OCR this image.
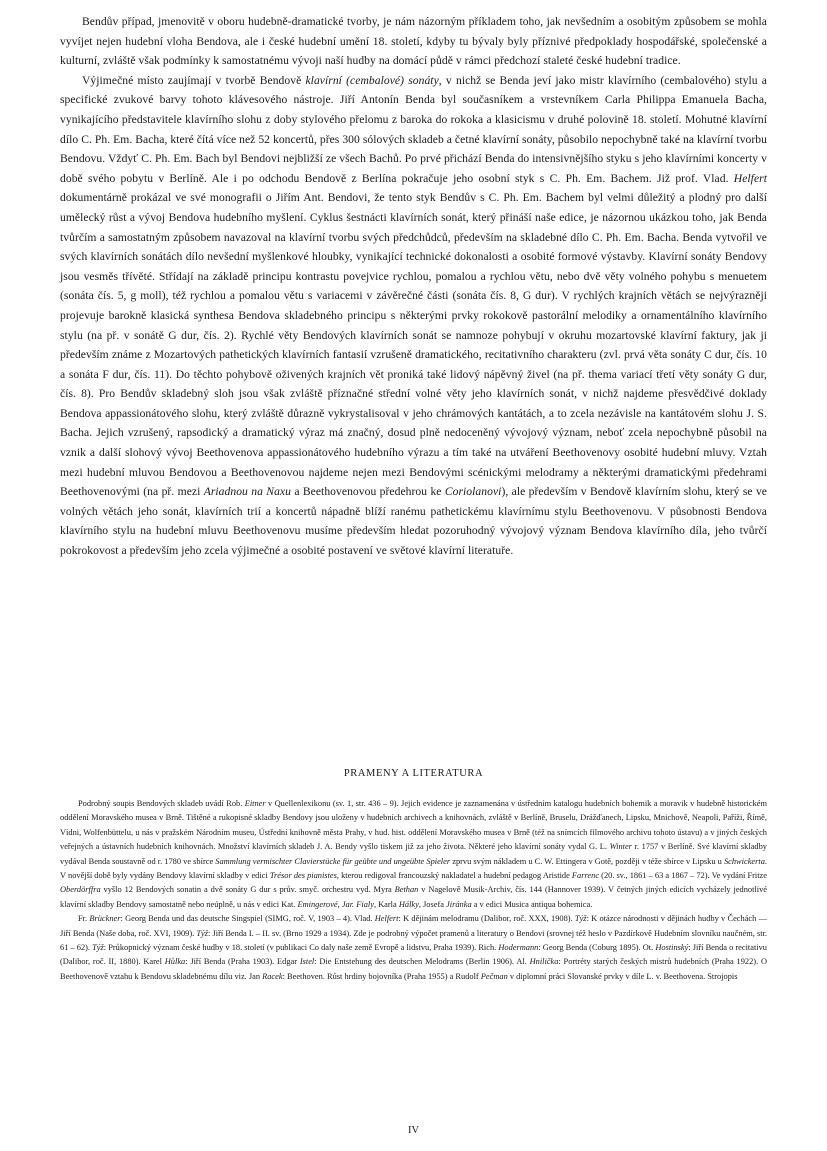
Bendův případ, jmenovitě v oboru hudebně-dramatické tvorby, je nám názorným příkladem toho, jak nevšedním a osobitým způsobem se mohla vyvíjet nejen hudební vloha Bendova, ale i české hudební umění 18. století, kdyby tu bývaly byly příznivé předpoklady hospodářské, společenské a kulturní, zvláště však podmínky k samostatnému vývoji naší hudby na domácí půdě v rámci předchozí staleté české hudební tradice.

Výjimečné místo zaujímají v tvorbě Bendově klavírní (cembalové) sonáty, v nichž se Benda jeví jako mistr klavírního (cembalového) stylu a specifické zvukové barvy tohoto klávesového nástroje. Jiří Antonín Benda byl současníkem a vrstevníkem Carla Philippa Emanuela Bacha, vynikajícího představitele klavírního slohu z doby stylového přelomu z baroka do rokoka a klasicismu v druhé polovině 18. století. Mohutné klavírní dílo C. Ph. Em. Bacha, které čítá více než 52 koncertů, přes 300 sólových skladeb a četné klavírní sonáty, působilo nepochybně také na klavírní tvorbu Bendovu. Vždyť C. Ph. Em. Bach byl Bendovi nejbližší ze všech Bachů. Po prvé přichází Benda do intensivnějšího styku s jeho klavírními koncerty v době svého pobytu v Berlíně. Ale i po odchodu Bendově z Berlína pokračuje jeho osobní styk s C. Ph. Em. Bachem. Již prof. Vlad. Helfert dokumentárně prokázal ve své monografii o Jiřím Ant. Bendovi, že tento styk Bendův s C. Ph. Em. Bachem byl velmi důležitý a plodný pro další umělecký růst a vývoj Bendova hudebního myšlení. Cyklus šestnácti klavírních sonát, který přináší naše edice, je názornou ukázkou toho, jak Benda tvůrčím a samostatným způsobem navazoval na klavírní tvorbu svých předchůdců, především na skladebné dílo C. Ph. Em. Bacha. Benda vytvořil ve svých klavírních sonátách dílo nevšední myšlenkové hloubky, vynikající technické dokonalosti a osobité formové výstavby. Klavírní sonáty Bendovy jsou vesměs třívěté. Střídají na základě principu kontrastu povejvice rychlou, pomalou a rychlou větu, nebo dvě věty volného pohybu s menuetem (sonáta čís. 5, g moll), též rychlou a pomalou větu s variacemi v závěrečné části (sonáta čís. 8, G dur). V rychlých krajních větách se nejvýrazněji projevuje barokně klasická synthesa Bendova skladebného principu s některými prvky rokokově pastorální melodiky a ornamentálního klavírního stylu (na př. v sonátě G dur, čís. 2). Rychlé věty Bendových klavírních sonát se namnoze pohybují v okruhu mozartovské klavírní faktury, jak ji především známe z Mozartových pathetických klavírních fantasií vzrušeně dramatického, recitativního charakteru (zvl. prvá věta sonáty C dur, čís. 10 a sonáta F dur, čís. 11). Do těchto pohybově oživených krajních vět proniká také lidový nápěvný živel (na př. thema variací třetí věty sonáty G dur, čís. 8). Pro Bendův skladebný sloh jsou však zvláště příznačné střední volné věty jeho klavírních sonát, v nichž najdeme přesvědčivé doklady Bendova appassionátového slohu, který zvláště důrazně vykrystalisoval v jeho chrámových kantátách, a to zcela nezávisle na kantátovém slohu J. S. Bacha. Jejich vzrušený, rapsodický a dramatický výraz má značný, dosud plně nedoceněný vývojový význam, neboť zcela nepochybně působil na vznik a další slohový vývoj Beethovenova appassionátového hudebního výrazu a tím také na utváření Beethovenovy osobité hudební mluvy. Vztah mezi hudební mluvou Bendovou a Beethovenovou najdeme nejen mezi Bendovými scénickými melodramy a některými dramatickými předehrami Beethovenovými (na př. mezi Ariadnou na Naxu a Beethovenovou předehrou ke Coriolanovi), ale především v Bendově klavírním slohu, který se ve volných větách jeho sonát, klavírních trií a koncertů nápadně blíží ranému pathetickému klavírnímu stylu Beethovenovu. V působnosti Bendova klavírního stylu na hudební mluvu Beethovenovu musíme především hledat pozoruhodný vývojový význam Bendova klavírního díla, jeho tvůrčí pokrokovost a především jeho zcela výjimečné a osobité postavení ve světové klavírní literatuře.

PRAMENY A LITERATURA

Podrobný soupis Bendových skladeb uvádí Rob. Eitner v Quellenlexikonu (sv. 1, str. 436 – 9). Jejich evidence je zaznamenána v ústředním katalogu hudebních bohemik a moravik v hudebně historickém oddělení Moravského musea v Brně. Tištěné a rukopisné skladby Bendovy jsou uloženy v hudebních archivech a knihovnách, zvláště v Berlíně, Bruselu, Drážďanech, Lipsku, Mnichově, Neapoli, Paříži, Římě, Vídni, Wolfenbüttelu, u nás v pražském Národním museu, Ústřední knihovně města Prahy, v hud. hist. oddělení Moravského musea v Brně (též na snímcích filmového archivu tohoto ústavu) a v jiných českých veřejných a ústavních hudebních knihovnách. Množství klavírních skladeb J. A. Bendy vyšlo tiskem již za jeho života. Některé jeho klavírní sonáty vydal G. L. Winter r. 1757 v Berlíně. Své klavírní skladby vydával Benda soustavně od r. 1780 ve sbírce Sammlung vermischter Clavierstücke für geübte und ungeübte Spieler zprvu svým nákladem u C. W. Ettingera v Gotě, později v téže sbírce v Lipsku u Schwickerta. V novější době byly vydány Bendovy klavírní skladby v edici Trésor des pianistes, kterou redigoval francouzský nakladatel a hudební pedagog Aristide Farrenc (20. sv., 1861 – 63 a 1867 – 72). Ve vydání Fritze Oberdörffra vyšlo 12 Bendových sonatin a dvě sonáty G dur s prův. smyč. orchestru vyd. Myra Bethan v Nagelově Musik-Archiv, čís. 144 (Hannover 1939). V četných jiných edicích vycházely jednotlivé klavírní skladby Bendovy samostatně nebo neúplně, u nás v edici Kat. Emingerové, Jar. Fialy, Karla Hálky, Josefa Jiránka a v edici Musica antiqua bohemica.

Fr. Brückner: Georg Benda und das deutsche Singspiel (SIMG, roč. V, 1903 – 4). Vlad. Helfert: K dějinám melodramu (Dalibor, roč. XXX, 1908). Týž: K otázce národnosti v dějinách hudby v Čechách — Jiří Benda (Naše doba, roč. XVI, 1909). Týž: Jiří Benda I. – II. sv. (Brno 1929 a 1934). Zde je podrobný výpočet pramenů a literatury o Bendovi (srovnej též heslo v Pazdírkově Hudebním slovníku naučném, str. 61 – 62). Týž: Průkopnický význam české hudby v 18. století (v publikaci Co daly naše země Evropě a lidstvu, Praha 1939). Rich. Hodermann: Georg Benda (Coburg 1895). Ot. Hostinský: Jiří Benda o recitativu (Dalibor, roč. II, 1880). Karel Hůlka: Jiří Benda (Praha 1903). Edgar Istel: Die Entstehung des deutschen Melodrams (Berlin 1906). Al. Hnilička: Portréty starých českých mistrů hudebních (Praha 1922). O Beethovenově vztahu k Bendovu skladebnému dílu viz. Jan Racek: Beethoven. Růst hrdiny bojovníka (Praha 1955) a Rudolf Pečman v diplomní práci Slovanské prvky v díle L. v. Beethovena. Strojopis

IV
